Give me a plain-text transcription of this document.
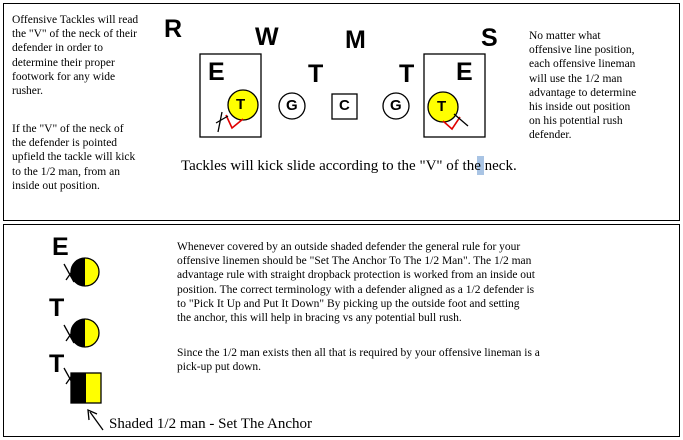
Offensive Tackles will read
the "V" of the neck of their
defender in order to
determine their proper
footwork for any wide
rusher.
If the "V" of the neck of
the defender is pointed
upfield the tackle will kick
to the 1/2 man, from an
inside out position.
No matter what
offensive line position,
each offensive lineman
will use the 1/2 man
advantage to determine
his inside out position
on his potential rush
defender.
R	W	M	S
E	T	T E
T	G	C	G T
Tackles will kick slide according to the "V" of the neck.
E
T
T
Whenever covered by an outside shaded defender the general rule for your
offensive linemen should be "Set The Anchor To The 1/2 Man". The 1/2 man
advantage rule with straight dropback protection is worked from an inside out
position. The correct terminology with a defender aligned as a 1/2 defender is
to "Pick It Up and Put It Down" By picking up the outside foot and setting
the anchor, this will help in bracing vs any potential bull rush.
Since the 1/2 man exists then all that is required by your offensive lineman is a
pick-up put down.
Shaded 1/2 man - Set The Anchor
